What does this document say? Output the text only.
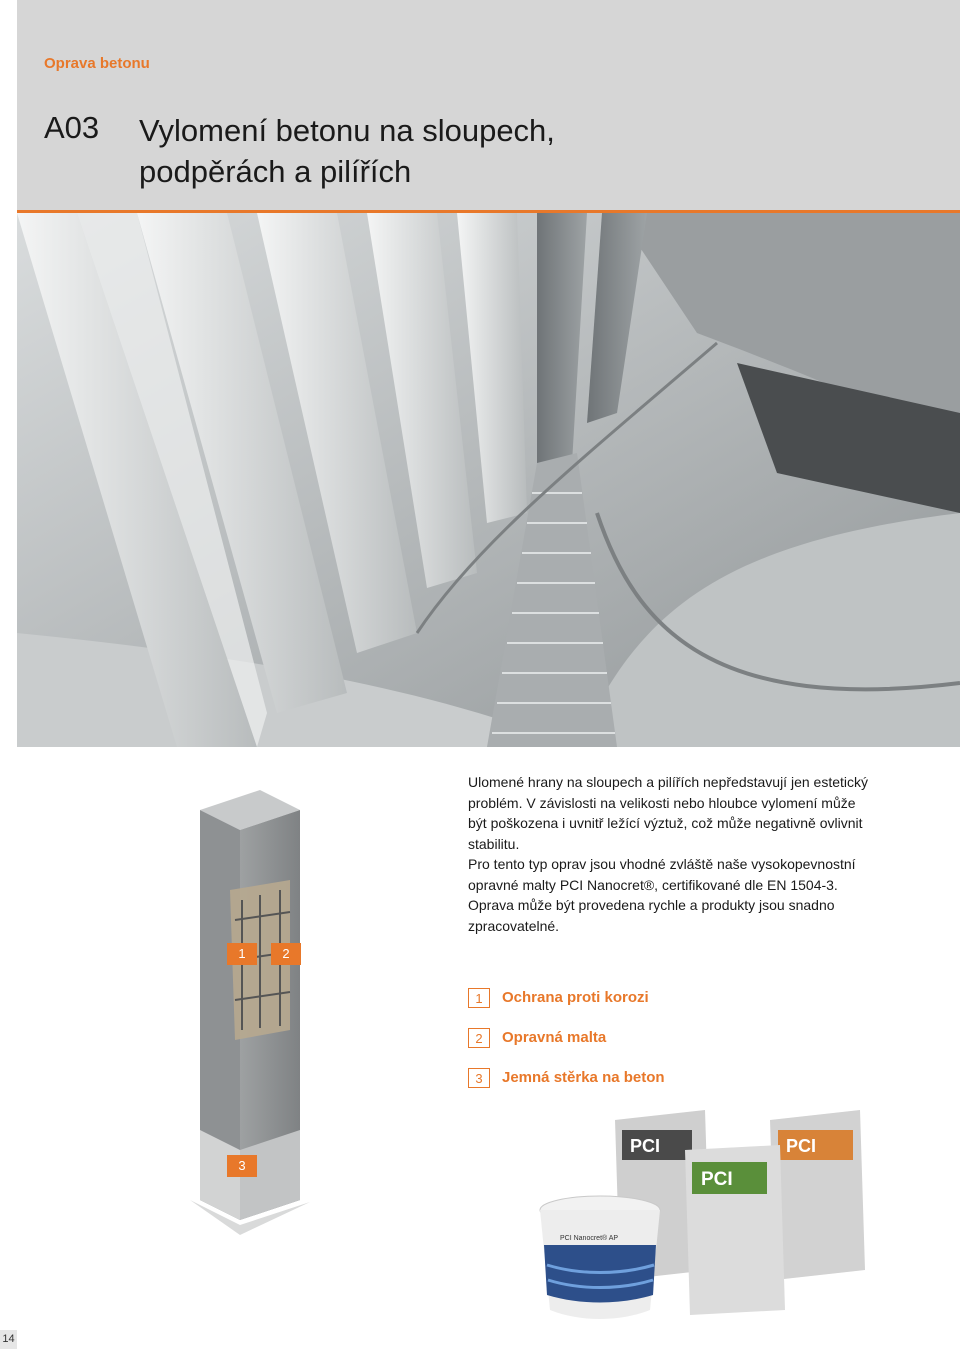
Oprava betonu
A03 Vylomení betonu na sloupech,
podpěrách a pilířích
1	2
3

Ulomené hrany na sloupech a pilířích nepředstavují jen estetický problém. V závislosti na velikosti nebo hloubce vylomení může být poškozena i uvnitř ležící výztuž, což může negativně ovlivnit stabilitu.

Pro tento typ oprav jsou vhodné zvláště naše vysokopevnostní opravné malty PCI Nanocret®, certifikované dle EN 1504-3. Oprava může být provedena rychle a produkty jsou snadno zpracovatelné.

1	Ochrana proti korozi
2	Opravná malta
3	Jemná stěrka na beton
PCI	PCI
PCI
PCI Nanocret® AP
14
